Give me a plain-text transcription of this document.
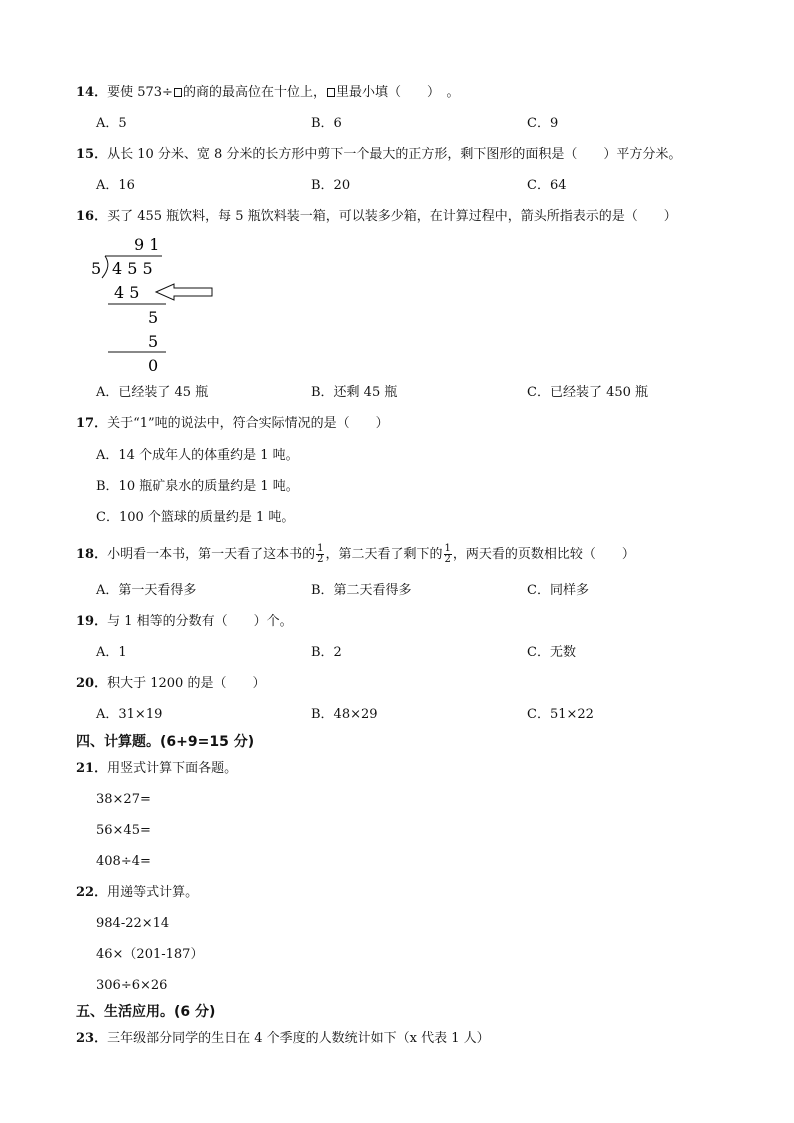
14．要使 573÷ 的商的最高位在十位上， 里最小填（　　）　。
A．5	B．6	C．9
15．从长 10 分米、宽 8 分米的长方形中剪下一个最大的正方形，剩下图形的面积是（　　）平方分米。
A．16	B．20	C．64
16．买了 455 瓶饮料，每 5 瓶饮料装一箱，可以装多少箱，在计算过程中，箭头所指表示的是（　　）
9 1
5 4 5 5
4 5
5
5
0
A．已经装了 45 瓶	B．还剩 45 瓶	C．已经装了 450 瓶
17．关于“1”吨的说法中，符合实际情况的是（　　）
A．14 个成年人的体重约是 1 吨。
B．10 瓶矿泉水的质量约是 1 吨。
C．100 个篮球的质量约是 1 吨。
18．小明看一本书，第一天看了这本书的 $\frac{1}{2}$ ，第二天看了剩下的 $\frac{1}{2}$ ，两天看的页数相比较（　　）
A．第一天看得多	B．第二天看得多	C．同样多
19．与 1 相等的分数有（　　）个。
A．1	B．2	C．无数
20．积大于 1200 的是（　　）
A．31×19	B．48×29	C．51×22
四、计算题。(6+9=15 分)
21．用竖式计算下面各题。
38×27=
56×45=
408÷4=
22．用递等式计算。
984-22×14
46×（201-187）
306÷6×26
五、生活应用。(6 分)
23．三年级部分同学的生日在 4 个季度的人数统计如下（x 代表 1 人）
